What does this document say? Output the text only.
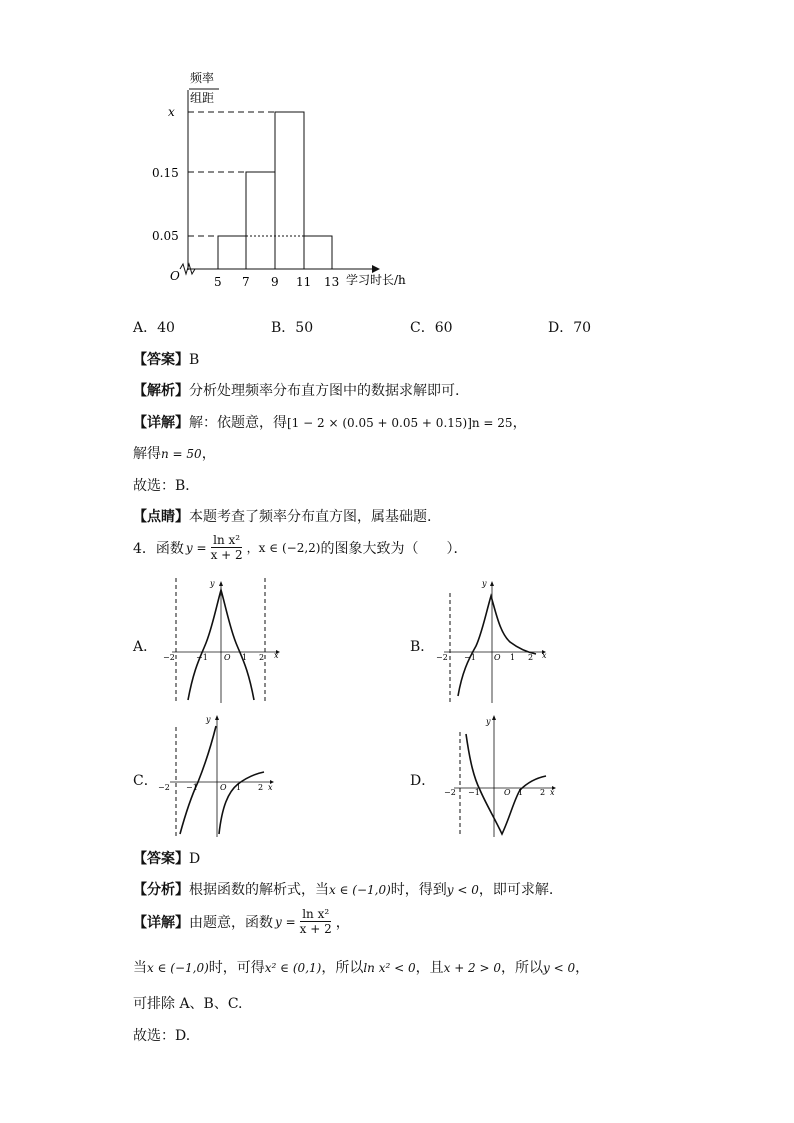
频率
组距
x
0.15
0.05
O	5 7 9 11 13 学习时长/h
A．40	B．50	C．60	D．70
【答案】B
【解析】分析处理频率分布直方图中的数据求解即可.
【详解】解：依题意，得[1 − 2 × (0.05 + 0.05 + 0.15)]n = 25，
解得n = 50，
故选：B．
【点睛】本题考查了频率分布直方图，属基础题.
4．函数 $y = \frac{\text{ln x²}}{x + 2}$ ，x ∈ (−2,2) 的图象大致为（　　）．
A．
y
x
−2	−1 O 1 2
B．
y
x
−2 −1 O 1 2
C．
y
x
−2 −1	O 1 2	D．
y
x
−2 −1	O 1 2
【答案】D
【分析】根据函数的解析式，当x ∈ (−1,0)时，得到y < 0，即可求解.
【详解】 由题意，函数 $y = \frac{\text{ln x²}}{x + 2}$ ，
当x ∈ (−1,0)时，可得x² ∈ (0,1)，所以ln x² < 0，且x + 2 > 0，所以y < 0，
可排除 A、B、C.
故选：D.
